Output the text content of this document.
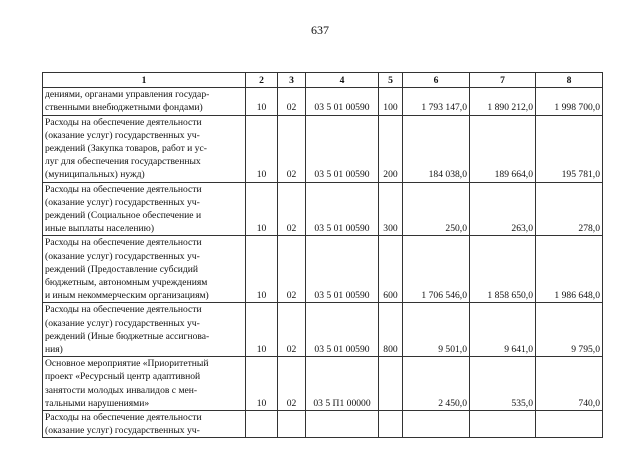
637
1	2	3	4	5	6	7	8
дениями, органами управления государ-
ственными внебюджетными фондами)	10	02	03 5 01 00590	100	1 793 147,0	1 890 212,0	1 998 700,0
Расходы на обеспечение деятельности
(оказание услуг) государственных уч-
реждений (Закупка товаров, работ и ус-
луг для обеспечения государственных
(муниципальных) нужд)	10	02	03 5 01 00590	200	184 038,0	189 664,0	195 781,0
Расходы на обеспечение деятельности
(оказание услуг) государственных уч-
реждений (Социальное обеспечение и
иные выплаты населению)	10	02	03 5 01 00590	300	250,0	263,0	278,0
Расходы на обеспечение деятельности
(оказание услуг) государственных уч-
реждений (Предоставление субсидий
бюджетным, автономным учреждениям
и иным некоммерческим организациям)	10	02	03 5 01 00590	600	1 706 546,0	1 858 650,0	1 986 648,0
Расходы на обеспечение деятельности
(оказание услуг) государственных уч-
реждений (Иные бюджетные ассигнова-
ния)	10	02	03 5 01 00590	800	9 501,0	9 641,0	9 795,0
Основное мероприятие «Приоритетный
проект «Ресурсный центр адаптивной
занятости молодых инвалидов с мен-
тальными нарушениями»	10	02	03 5 П1 00000		2 450,0	535,0	740,0
Расходы на обеспечение деятельности
(оказание услуг) государственных уч-							
